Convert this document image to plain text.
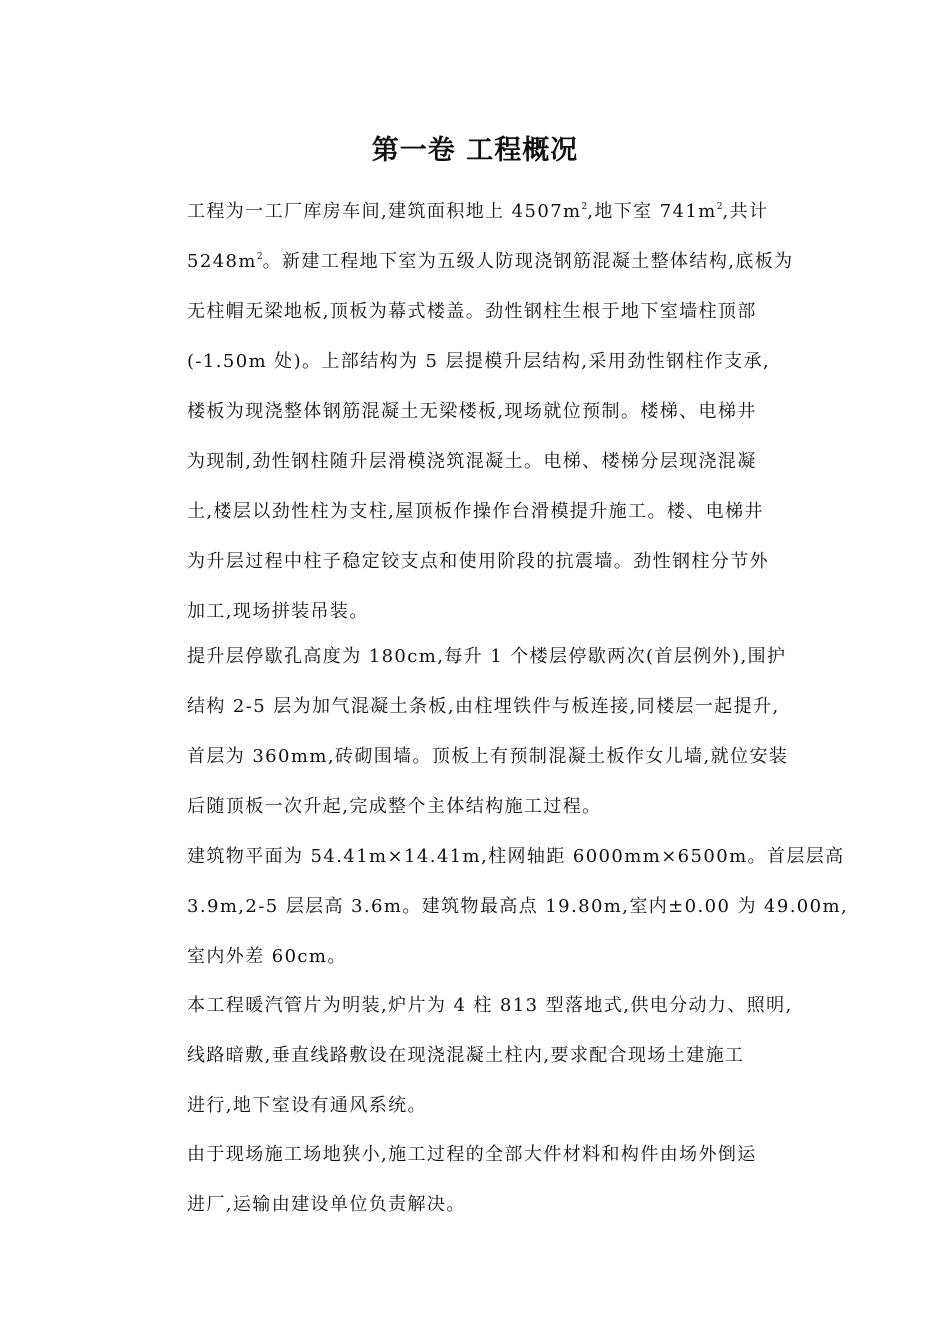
第一卷 工程概况
工程为一工厂库房车间,建筑面积地上 $4507m^2$,地下室 $741m^2$,共计
$5248m^2$。新建工程地下室为五级人防现浇钢筋混凝土整体结构,底板为
无柱帽无梁地板,顶板为幕式楼盖。劲性钢柱生根于地下室墙柱顶部
(-1.50m 处)。上部结构为 5 层提模升层结构,采用劲性钢柱作支承,
楼板为现浇整体钢筋混凝土无梁楼板,现场就位预制。楼梯、电梯井
为现制,劲性钢柱随升层滑模浇筑混凝土。电梯、楼梯分层现浇混凝
土,楼层以劲性柱为支柱,屋顶板作操作台滑模提升施工。楼、电梯井
为升层过程中柱子稳定铰支点和使用阶段的抗震墙。劲性钢柱分节外
加工,现场拼装吊装。
提升层停歇孔高度为 180cm,每升 1 个楼层停歇两次(首层例外),围护
结构 2-5 层为加气混凝土条板,由柱埋铁件与板连接,同楼层一起提升,
首层为 360mm,砖砌围墙。顶板上有预制混凝土板作女儿墙,就位安装
后随顶板一次升起,完成整个主体结构施工过程。
建筑物平面为 54.41m×14.41m,柱网轴距 6000mm×6500m。首层层高
3.9m,2-5 层层高 3.6m。建筑物最高点 19.80m,室内±0.00 为 49.00m,
室内外差 60cm。
本工程暖汽管片为明装,炉片为 4 柱 813 型落地式,供电分动力、照明,
线路暗敷,垂直线路敷设在现浇混凝土柱内,要求配合现场土建施工
进行,地下室设有通风系统。
由于现场施工场地狭小,施工过程的全部大件材料和构件由场外倒运
进厂,运输由建设单位负责解决。
